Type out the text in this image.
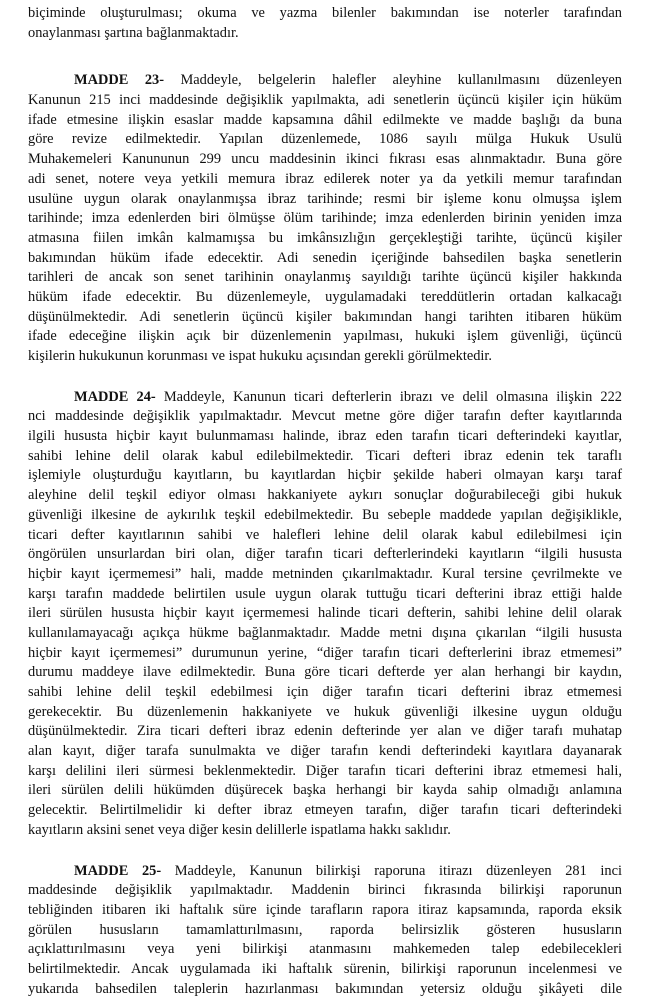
biçiminde oluşturulması; okuma ve yazma bilenler bakımından ise noterler tarafından
onaylanması şartına bağlanmaktadır.
MADDE 23- Maddeyle, belgelerin halefler aleyhine kullanılmasını düzenleyen
Kanunun 215 inci maddesinde değişiklik yapılmakta, adi senetlerin üçüncü kişiler için hüküm
ifade etmesine ilişkin esaslar madde kapsamına dâhil edilmekte ve madde başlığı da buna
göre revize edilmektedir. Yapılan düzenlemede, 1086 sayılı mülga Hukuk Usulü
Muhakemeleri Kanununun 299 uncu maddesinin ikinci fıkrası esas alınmaktadır. Buna göre
adi senet, notere veya yetkili memura ibraz edilerek noter ya da yetkili memur tarafından
usulüne uygun olarak onaylanmışsa ibraz tarihinde; resmi bir işleme konu olmuşsa işlem
tarihinde; imza edenlerden biri ölmüşse ölüm tarihinde; imza edenlerden birinin yeniden imza
atmasına fiilen imkân kalmamışsa bu imkânsızlığın gerçekleştiği tarihte, üçüncü kişiler
bakımından hüküm ifade edecektir. Adi senedin içeriğinde bahsedilen başka senetlerin
tarihleri de ancak son senet tarihinin onaylanmış sayıldığı tarihte üçüncü kişiler hakkında
hüküm ifade edecektir. Bu düzenlemeyle, uygulamadaki tereddütlerin ortadan kalkacağı
düşünülmektedir. Adi senetlerin üçüncü kişiler bakımından hangi tarihten itibaren hüküm
ifade edeceğine ilişkin açık bir düzenlemenin yapılması, hukuki işlem güvenliği, üçüncü
kişilerin hukukunun korunması ve ispat hukuku açısından gerekli görülmektedir.
MADDE 24- Maddeyle, Kanunun ticari defterlerin ibrazı ve delil olmasına ilişkin 222
nci maddesinde değişiklik yapılmaktadır. Mevcut metne göre diğer tarafın defter kayıtlarında
ilgili hususta hiçbir kayıt bulunmaması halinde, ibraz eden tarafın ticari defterindeki kayıtlar,
sahibi lehine delil olarak kabul edilebilmektedir. Ticari defteri ibraz edenin tek taraflı
işlemiyle oluşturduğu kayıtların, bu kayıtlardan hiçbir şekilde haberi olmayan karşı taraf
aleyhine delil teşkil ediyor olması hakkaniyete aykırı sonuçlar doğurabileceği gibi hukuk
güvenliği ilkesine de aykırılık teşkil edebilmektedir. Bu sebeple maddede yapılan değişiklikle,
ticari defter kayıtlarının sahibi ve halefleri lehine delil olarak kabul edilebilmesi için
öngörülen unsurlardan biri olan, diğer tarafın ticari defterlerindeki kayıtların “ilgili hususta
hiçbir kayıt içermemesi” hali, madde metninden çıkarılmaktadır. Kural tersine çevrilmekte ve
karşı tarafın maddede belirtilen usule uygun olarak tuttuğu ticari defterini ibraz ettiği halde
ileri sürülen hususta hiçbir kayıt içermemesi halinde ticari defterin, sahibi lehine delil olarak
kullanılamayacağı açıkça hükme bağlanmaktadır. Madde metni dışına çıkarılan “ilgili hususta
hiçbir kayıt içermemesi” durumunun yerine, “diğer tarafın ticari defterlerini ibraz etmemesi”
durumu maddeye ilave edilmektedir. Buna göre ticari defterde yer alan herhangi bir kaydın,
sahibi lehine delil teşkil edebilmesi için diğer tarafın ticari defterini ibraz etmemesi
gerekecektir. Bu düzenlemenin hakkaniyete ve hukuk güvenliği ilkesine uygun olduğu
düşünülmektedir. Zira ticari defteri ibraz edenin defterinde yer alan ve diğer tarafı muhatap
alan kayıt, diğer tarafa sunulmakta ve diğer tarafın kendi defterindeki kayıtlara dayanarak
karşı delilini ileri sürmesi beklenmektedir. Diğer tarafın ticari defterini ibraz etmemesi hali,
ileri sürülen delili hükümden düşürecek başka herhangi bir kayda sahip olmadığı anlamına
gelecektir. Belirtilmelidir ki defter ibraz etmeyen tarafın, diğer tarafın ticari defterindeki
kayıtların aksini senet veya diğer kesin delillerle ispatlama hakkı saklıdır.
MADDE 25- Maddeyle, Kanunun bilirkişi raporuna itirazı düzenleyen 281 inci
maddesinde değişiklik yapılmaktadır. Maddenin birinci fıkrasında bilirkişi raporunun
tebliğinden itibaren iki haftalık süre içinde tarafların rapora itiraz kapsamında, raporda eksik
görülen hususların tamamlattırılmasını, raporda belirsizlik gösteren hususların
açıklattırılmasını veya yeni bilirkişi atanmasını mahkemeden talep edebilecekleri
belirtilmektedir. Ancak uygulamada iki haftalık sürenin, bilirkişi raporunun incelenmesi ve
yukarıda bahsedilen taleplerin hazırlanması bakımından yetersiz olduğu şikâyeti dile
